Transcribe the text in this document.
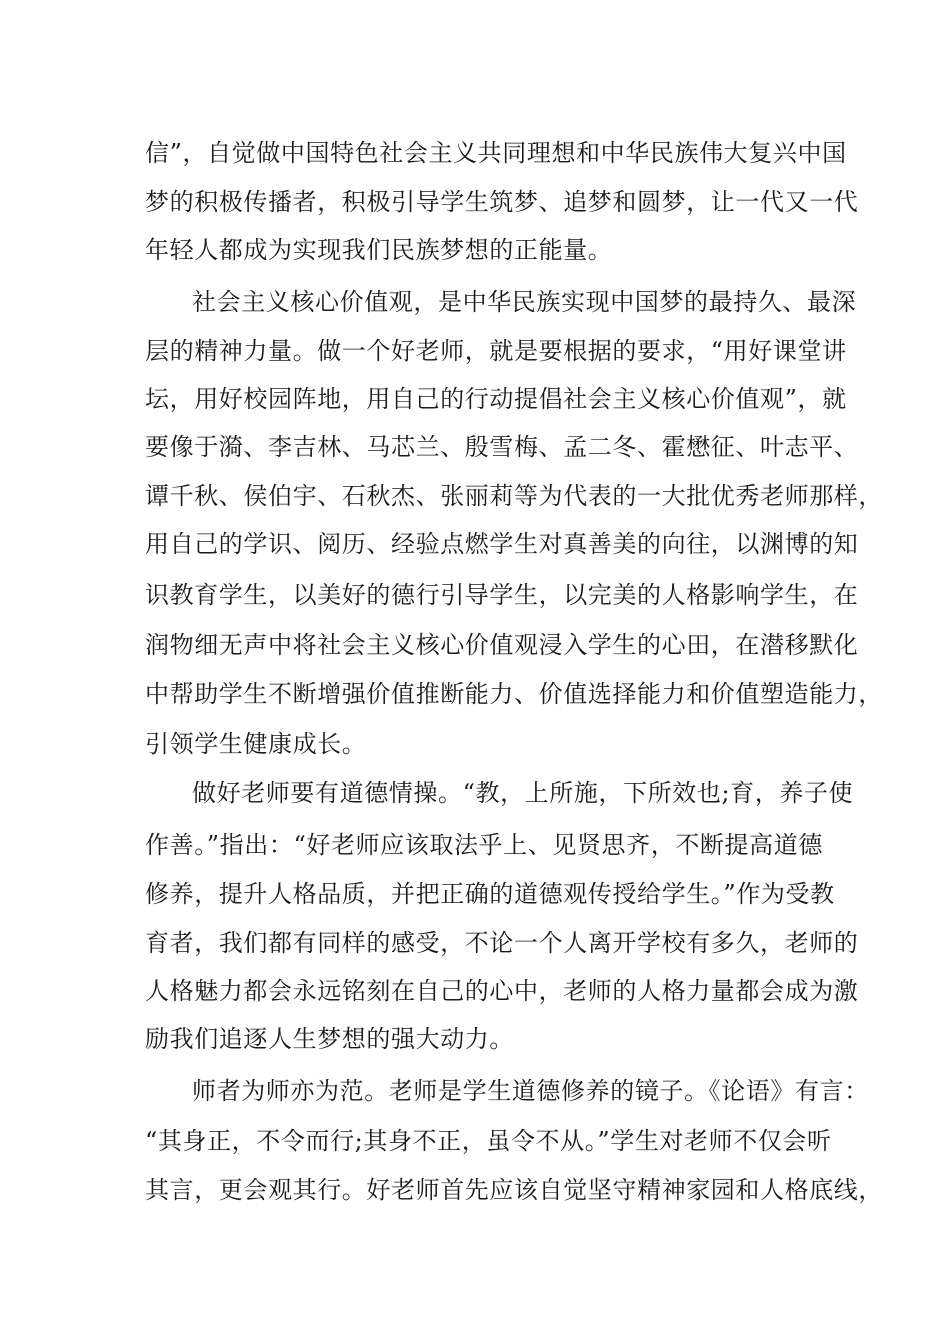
信”，自觉做中国特色社会主义共同理想和中华民族伟大复兴中国
梦的积极传播者，积极引导学生筑梦、追梦和圆梦，让一代又一代
年轻人都成为实现我们民族梦想的正能量。
社会主义核心价值观，是中华民族实现中国梦的最持久、最深
层的精神力量。做一个好老师，就是要根据的要求，“用好课堂讲
坛，用好校园阵地，用自己的行动提倡社会主义核心价值观”，就
要像于漪、李吉林、马芯兰、殷雪梅、孟二冬、霍懋征、叶志平、
谭千秋、侯伯宇、石秋杰、张丽莉等为代表的一大批优秀老师那样，
用自己的学识、阅历、经验点燃学生对真善美的向往，以渊博的知
识教育学生，以美好的德行引导学生，以完美的人格影响学生，在
润物细无声中将社会主义核心价值观浸入学生的心田，在潜移默化
中帮助学生不断增强价值推断能力、价值选择能力和价值塑造能力，
引领学生健康成长。
做好老师要有道德情操。“教，上所施，下所效也;育，养子使
作善。”指出：“好老师应该取法乎上、见贤思齐，不断提高道德
修养，提升人格品质，并把正确的道德观传授给学生。”作为受教
育者，我们都有同样的感受，不论一个人离开学校有多久，老师的
人格魅力都会永远铭刻在自己的心中，老师的人格力量都会成为激
励我们追逐人生梦想的强大动力。
师者为师亦为范。老师是学生道德修养的镜子。《论语》有言：
“其身正，不令而行;其身不正，虽令不从。”学生对老师不仅会听
其言，更会观其行。好老师首先应该自觉坚守精神家园和人格底线，
